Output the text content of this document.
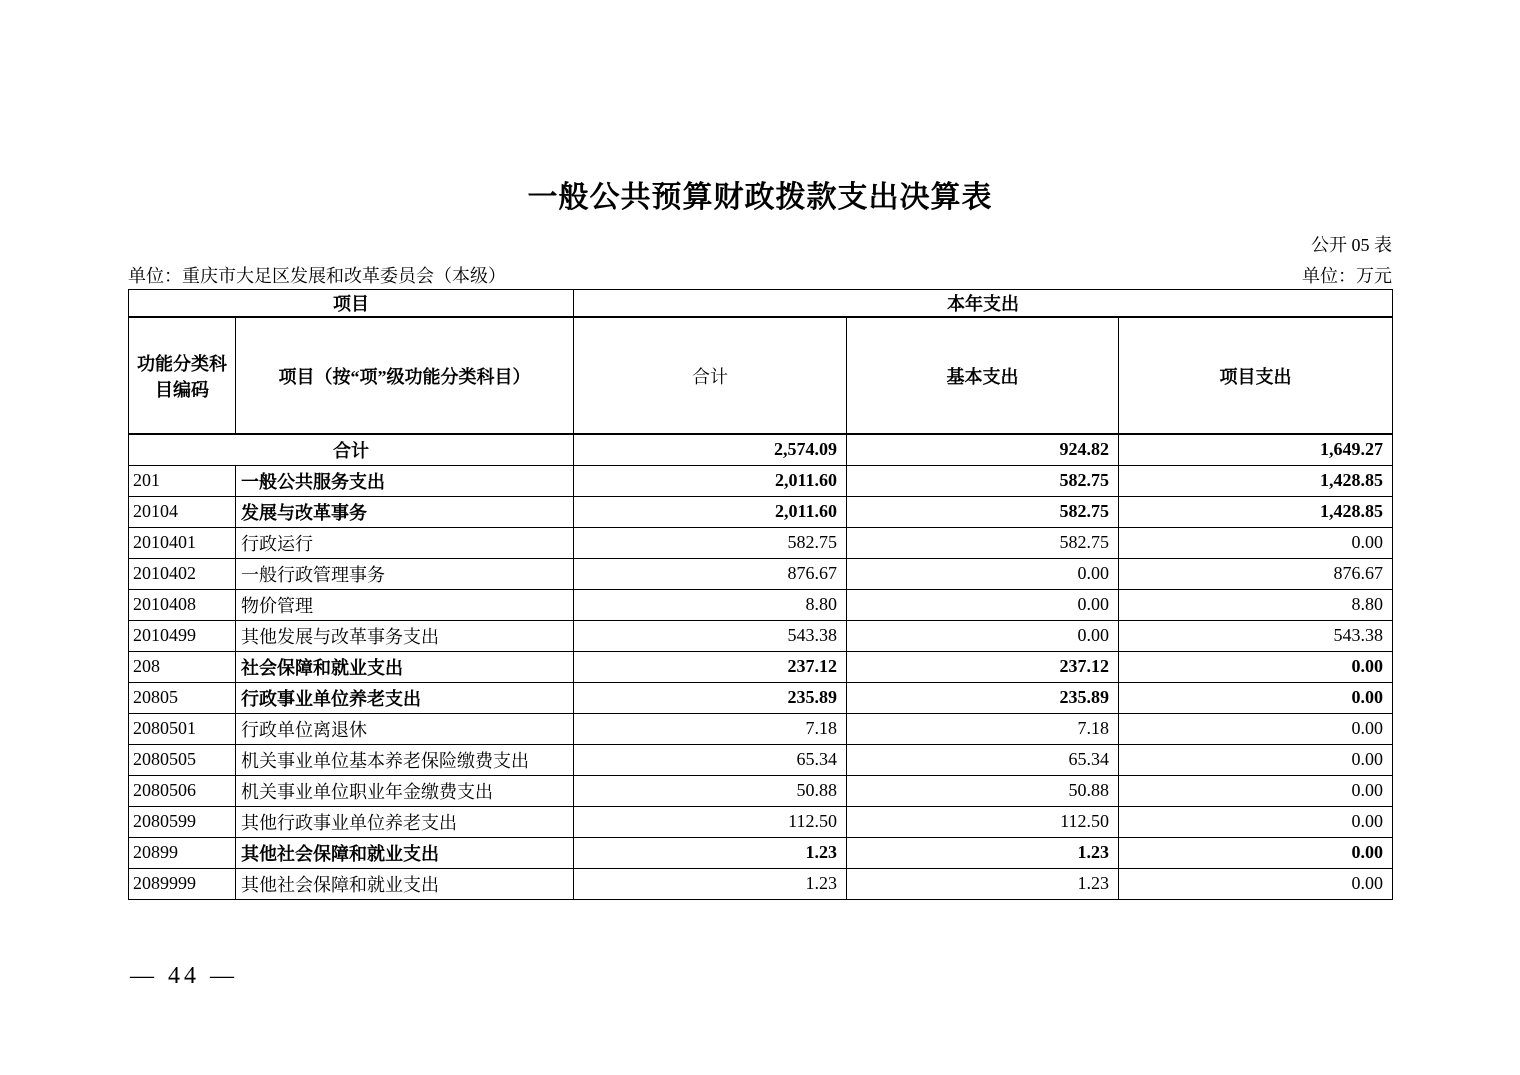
一般公共预算财政拨款支出决算表
公开 05 表
单位：重庆市大足区发展和改革委员会（本级）	单位：万元
项目		本年支出		
功能分类科目编码	项目（按“项”级功能分类科目）	合计	基本支出	项目支出
合计		2,574.09	924.82	1,649.27
201	一般公共服务支出	2,011.60	582.75	1,428.85
20104	发展与改革事务	2,011.60	582.75	1,428.85
2010401	行政运行	582.75	582.75	0.00
2010402	一般行政管理事务	876.67	0.00	876.67
2010408	物价管理	8.80	0.00	8.80
2010499	其他发展与改革事务支出	543.38	0.00	543.38
208	社会保障和就业支出	237.12	237.12	0.00
20805	行政事业单位养老支出	235.89	235.89	0.00
2080501	行政单位离退休	7.18	7.18	0.00
2080505	机关事业单位基本养老保险缴费支出	65.34	65.34	0.00
2080506	机关事业单位职业年金缴费支出	50.88	50.88	0.00
2080599	其他行政事业单位养老支出	112.50	112.50	0.00
20899	其他社会保障和就业支出	1.23	1.23	0.00
2089999	其他社会保障和就业支出	1.23	1.23	0.00
— 44 —
